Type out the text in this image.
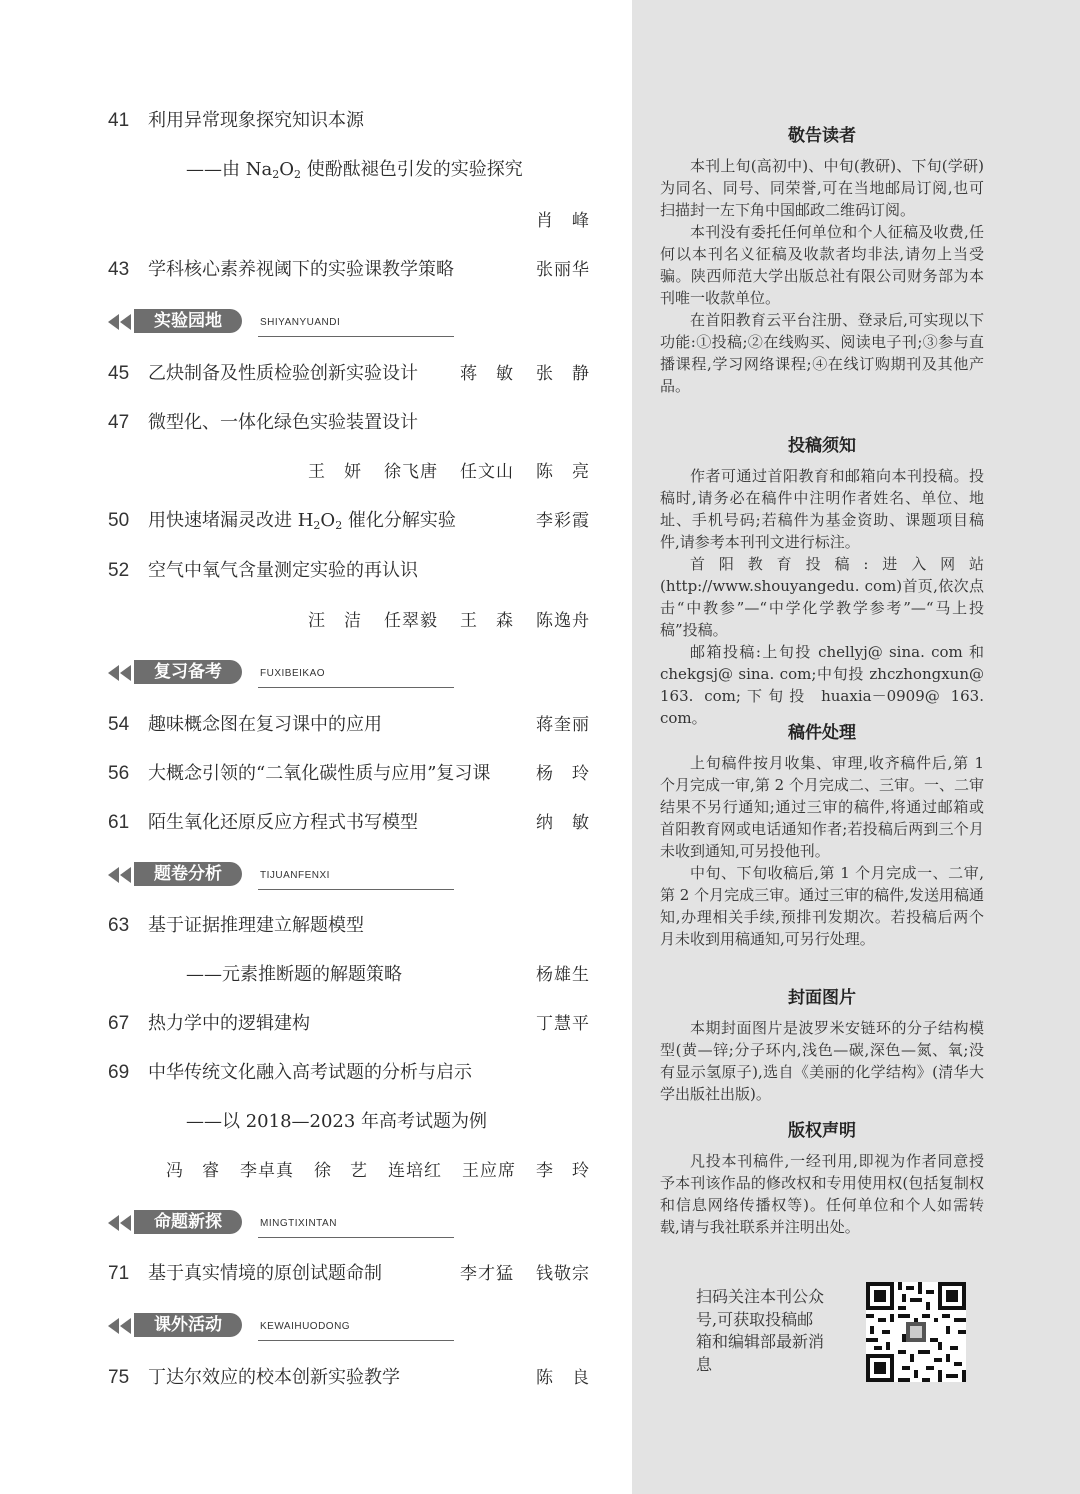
41 利用异常现象探究知识本源
——由 $Na_2O_2$ 使酚酞褪色引发的实验探究
肖　峰
43 学科核心素养视阈下的实验课教学策略	张丽华
实验园地	SHIYANYUANDI
45 乙炔制备及性质检验创新实验设计 蒋　敏 张　静
47 微型化、一体化绿色实验装置设计
王　妍 徐飞唐 任文山 陈　亮
50 用快速堵漏灵改进 $H_2O_2$ 催化分解实验	李彩霞
52 空气中氧气含量测定实验的再认识
汪　洁 任翠毅 王　森 陈逸舟
复习备考	FUXIBEIKAO
54 趣味概念图在复习课中的应用	蒋奎丽
56 大概念引领的“二氧化碳性质与应用”复习课	杨　玲
61 陌生氧化还原反应方程式书写模型	纳　敏
题卷分析	TIJUANFENXI
63 基于证据推理建立解题模型
——元素推断题的解题策略	杨雄生
67 热力学中的逻辑建构	丁慧平
69 中华传统文化融入高考试题的分析与启示
——以 2018—2023 年高考试题为例
冯　睿 李卓真 徐　艺 连培红 王应席 李　玲
命题新探	MINGTIXINTAN
71 基于真实情境的原创试题命制	李才猛 钱敬宗
课外活动	KEWAIHUODONG
75 丁达尔效应的校本创新实验教学	陈　良
敬告读者

本刊上旬(高初中)、中旬(教研)、下旬(学研)为同名、同号、同荣誉,可在当地邮局订阅,也可扫描封一左下角中国邮政二维码订阅。

本刊没有委托任何单位和个人征稿及收费,任何以本刊名义征稿及收款者均非法,请勿上当受骗。陕西师范大学出版总社有限公司财务部为本刊唯一收款单位。

在首阳教育云平台注册、登录后,可实现以下功能:①投稿;②在线购买、阅读电子刊;③参与直播课程,学习网络课程;④在线订购期刊及其他产品。

投稿须知

作者可通过首阳教育和邮箱向本刊投稿。投稿时,请务必在稿件中注明作者姓名、单位、地址、手机号码;若稿件为基金资助、课题项目稿件,请参考本刊刊文进行标注。

首阳教育投稿:进入网站(http://www.shouyangedu. com)首页,依次点击“中教参”—“中学化学教学参考”—“马上投稿”投稿。

邮箱投稿:上旬投 chellyj@ sina. com 和 chekgsj@ sina. com;中旬投 zhczhongxun@ 163. com;下旬投 huaxia－0909@ 163. com。

稿件处理

上旬稿件按月收集、审理,收齐稿件后,第 1 个月完成一审,第 2 个月完成二、三审。一、二审结果不另行通知;通过三审的稿件,将通过邮箱或首阳教育网或电话通知作者;若投稿后两到三个月未收到通知,可另投他刊。

中旬、下旬收稿后,第 1 个月完成一、二审,第 2 个月完成三审。通过三审的稿件,发送用稿通知,办理相关手续,预排刊发期次。若投稿后两个月未收到用稿通知,可另行处理。

封面图片

本期封面图片是波罗米安链环的分子结构模型(黄—锌;分子环内,浅色—碳,深色—氮、氧;没有显示氢原子),选自《美丽的化学结构》(清华大学出版社出版)。

版权声明

凡投本刊稿件,一经刊用,即视为作者同意授予本刊该作品的修改权和专用使用权(包括复制权和信息网络传播权等)。任何单位和个人如需转载,请与我社联系并注明出处。

扫码关注本刊公众号,可获取投稿邮箱和编辑部最新消息
